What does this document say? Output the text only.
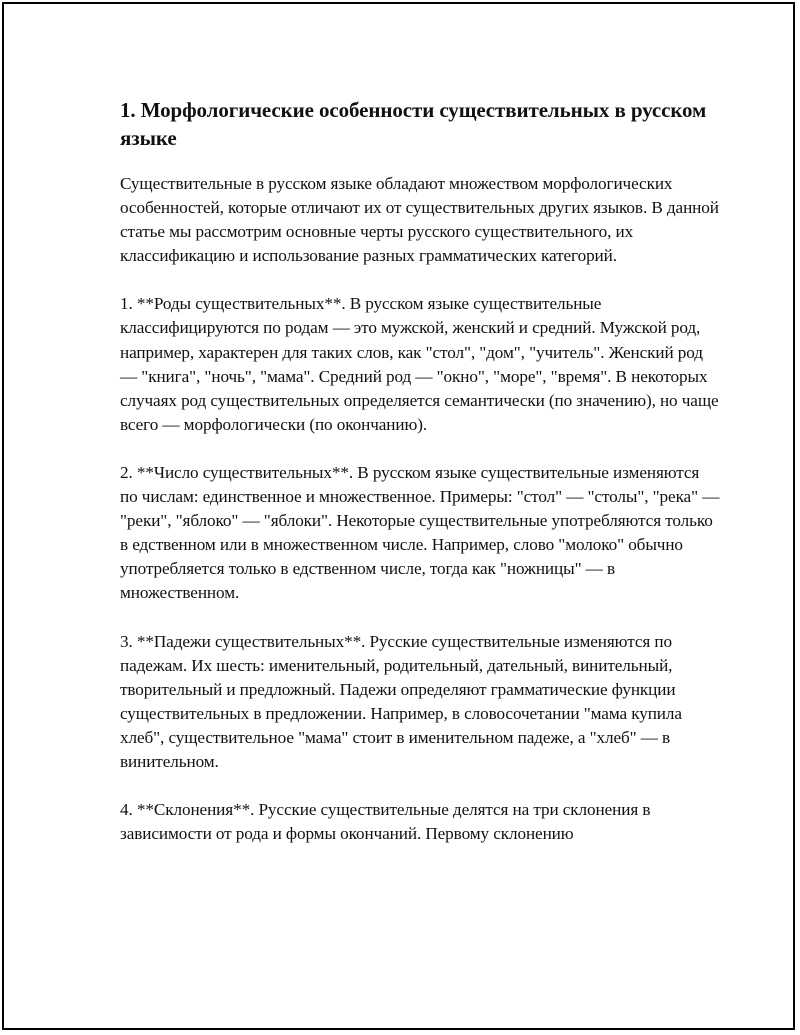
1. Морфологические особенности существительных в русском языке

Существительные в русском языке обладают множеством морфологических особенностей, которые отличают их от существительных других языков. В данной статье мы рассмотрим основные черты русского существительного, их классификацию и использование разных грамматических категорий.

1. **Роды существительных**. В русском языке существительные классифицируются по родам — это мужской, женский и средний. Мужской род, например, характерен для таких слов, как "стол", "дом", "учитель". Женский род — "книга", "ночь", "мама". Средний род — "окно", "море", "время". В некоторых случаях род существительных определяется семантически (по значению), но чаще всего — морфологически (по окончанию).

2. **Число существительных**. В русском языке существительные изменяются по числам: единственное и множественное. Примеры: "стол" — "столы", "река" — "реки", "яблоко" — "яблоки". Некоторые существительные употребляются только в едственном или в множественном числе. Например, слово "молоко" обычно употребляется только в едственном числе, тогда как "ножницы" — в множественном.

3. **Падежи существительных**. Русские существительные изменяются по падежам. Их шесть: именительный, родительный, дательный, винительный, творительный и предложный. Падежи определяют грамматические функции существительных в предложении. Например, в словосочетании "мама купила хлеб", существительное "мама" стоит в именительном падеже, а "хлеб" — в винительном.

4. **Склонения**. Русские существительные делятся на три склонения в зависимости от рода и формы окончаний. Первому склонению
